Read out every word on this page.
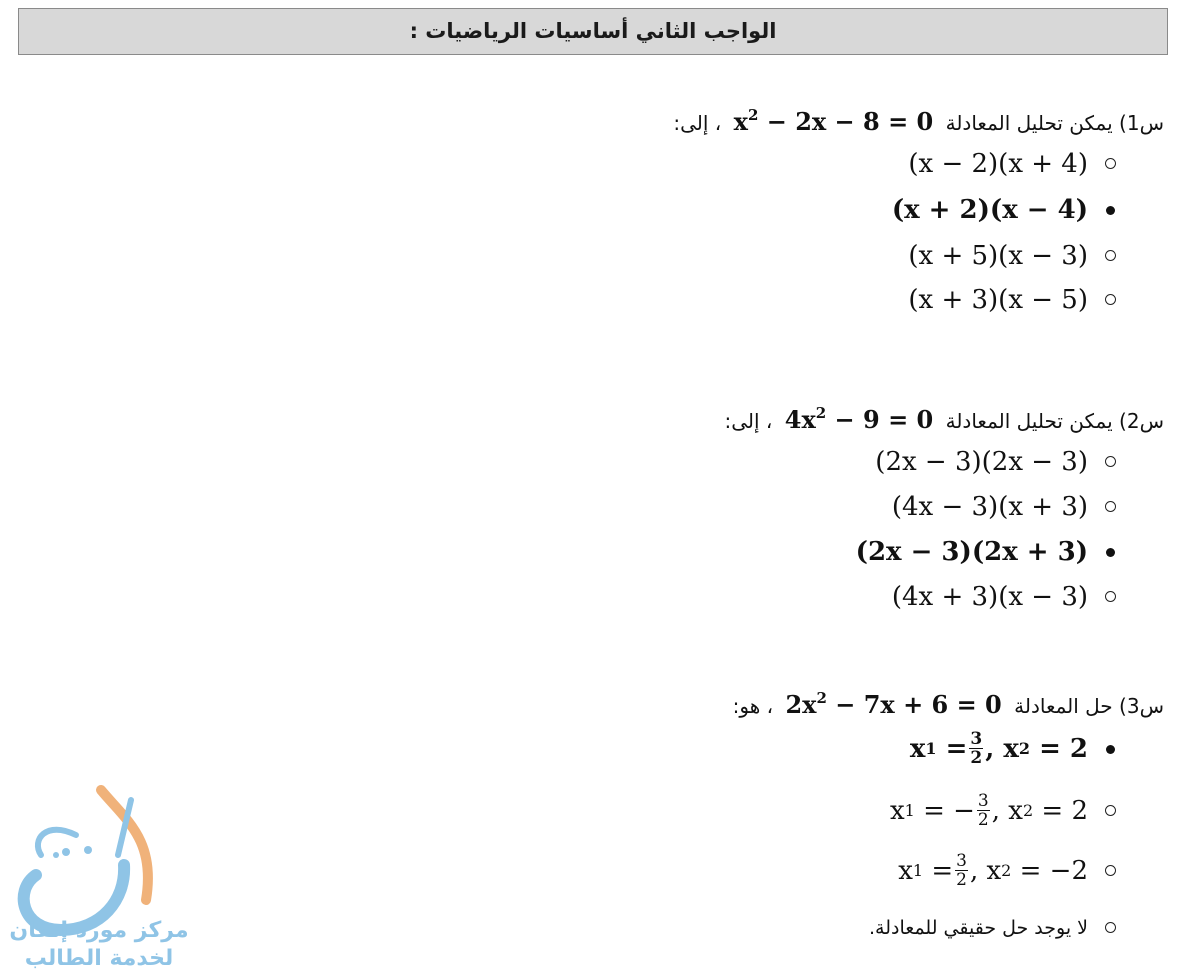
الواجب الثاني أساسيات الرياضيات :
س1) يمكن تحليل المعادلة $x^2 - 2x - 8 = 0$ ، إلى:
(x − 2)(x + 4)
(x + 2)(x − 4)
(x + 5)(x − 3)
(x + 3)(x − 5)
س2) يمكن تحليل المعادلة $4x^2 - 9 = 0$ ، إلى:
(2x − 3)(2x − 3)
(4x − 3)(x + 3)
(2x − 3)(2x + 3)
(4x + 3)(x − 3)
س3) حل المعادلة $2x^2 - 7x + 6 = 0$ ، هو:
x 1
= $\frac{3}{2}$ , x 2
= 2
x 1
= − $\frac{3}{2}$ , x 2
= 2
x 1
= $\frac{3}{2}$ , x 2
= −2
لا يوجد حل حقيقي للمعادلة.
مركز مورد إتقان
لخدمة الطالب
